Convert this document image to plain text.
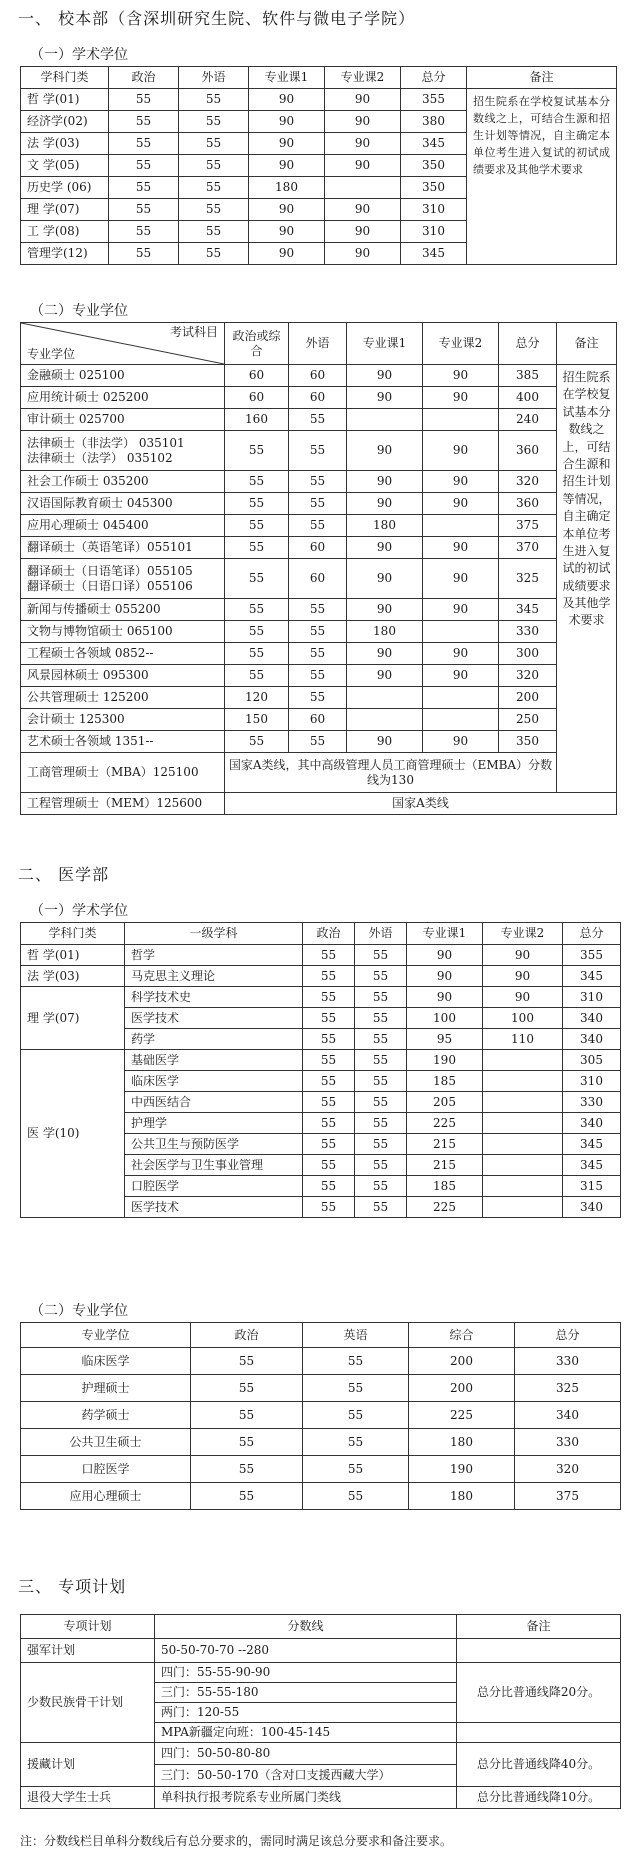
一、 校本部（含深圳研究生院、软件与微电子学院）
（一）学术学位
学科门类	政治	外语	专业课1	专业课2	总分	备注
哲 学(01)	55	55	90	90	355	招生院系在学校复试基本分数线之上，可结合生源和招生计划等情况，自主确定本单位考生进入复试的初试成绩要求及其他学术要求
经济学(02)	55	55	90	90	380	
法 学(03)	55	55	90	90	345	
文 学(05)	55	55	90	90	350	
历史学 (06)	55	55	180		350	
理 学(07)	55	55	90	90	310	
工 学(08)	55	55	90	90	310	
管理学(12)	55	55	90	90	345	
（二）专业学位
考试科目
专业学位	政治或综合	外语	专业课1	专业课2	总分	备注

金融硕士 025100	60	60	90	90	385	招生院系在学校复试基本分数线之上，可结合生源和招生计划等情况，自主确定本单位考生进入复试的初试成绩要求及其他学术要求

应用统计硕士 025200	60	60	90	90	400	

审计硕士 025700	160	55			240	

法律硕士（非法学） 035101
法律硕士（法学） 035102	55	55	90	90	360	

社会工作硕士 035200	55	55	90	90	320	

汉语国际教育硕士 045300	55	55	90	90	360	

应用心理硕士 045400	55	55	180		375	

翻译硕士（英语笔译）055101	55	60	90	90	370	

翻译硕士（日语笔译）055105
翻译硕士（日语口译）055106	55	60	90	90	325	

新闻与传播硕士 055200	55	55	90	90	345	

文物与博物馆硕士 065100	55	55	180		330	

工程硕士各领域 0852--	55	55	90	90	300	

风景园林硕士 095300	55	55	90	90	320	

公共管理硕士 125200	120	55			200	

会计硕士 125300	150	60			250	

艺术硕士各领域 1351--	55	55	90	90	350	
工商管理硕士（MBA）125100	国家A类线，其中高级管理人员工商管理硕士（EMBA）分数线为130					
工程管理硕士（MEM）125600	国家A类线					
二、 医学部
（一）学术学位
学科门类	一级学科	政治	外语	专业课1	专业课2	总分
哲 学(01)	哲学	55	55	90	90	355
法 学(03)	马克思主义理论	55	55	90	90	345
理 学(07)	科学技术史	55	55	90	90	310
	医学技术	55	55	100	100	340
	药学	55	55	95	110	340
医 学(10)	基础医学	55	55	190		305
	临床医学	55	55	185		310
	中西医结合	55	55	205		330
	护理学	55	55	225		340
	公共卫生与预防医学	55	55	215		345
	社会医学与卫生事业管理	55	55	215		345
	口腔医学	55	55	185		315
	医学技术	55	55	225		340
（二）专业学位
专业学位	政治	英语	综合	总分
临床医学	55	55	200	330
护理硕士	55	55	200	325
药学硕士	55	55	225	340
公共卫生硕士	55	55	180	330
口腔医学	55	55	190	320
应用心理硕士	55	55	180	375
三、 专项计划
专项计划	分数线	备注
强军计划	50-50-70-70 --280	
少数民族骨干计划	四门：55-55-90-90	总分比普通线降20分。
	三门：55-55-180	
	两门：120-55	
	MPA新疆定向班：100-45-145	
援藏计划	四门：50-50-80-80	总分比普通线降40分。
	三门：50-50-170（含对口支援西藏大学）	
退役大学生士兵	单科执行报考院系专业所属门类线	总分比普通线降10分。

注：分数线栏目单科分数线后有总分要求的，需同时满足该总分要求和备注要求。
